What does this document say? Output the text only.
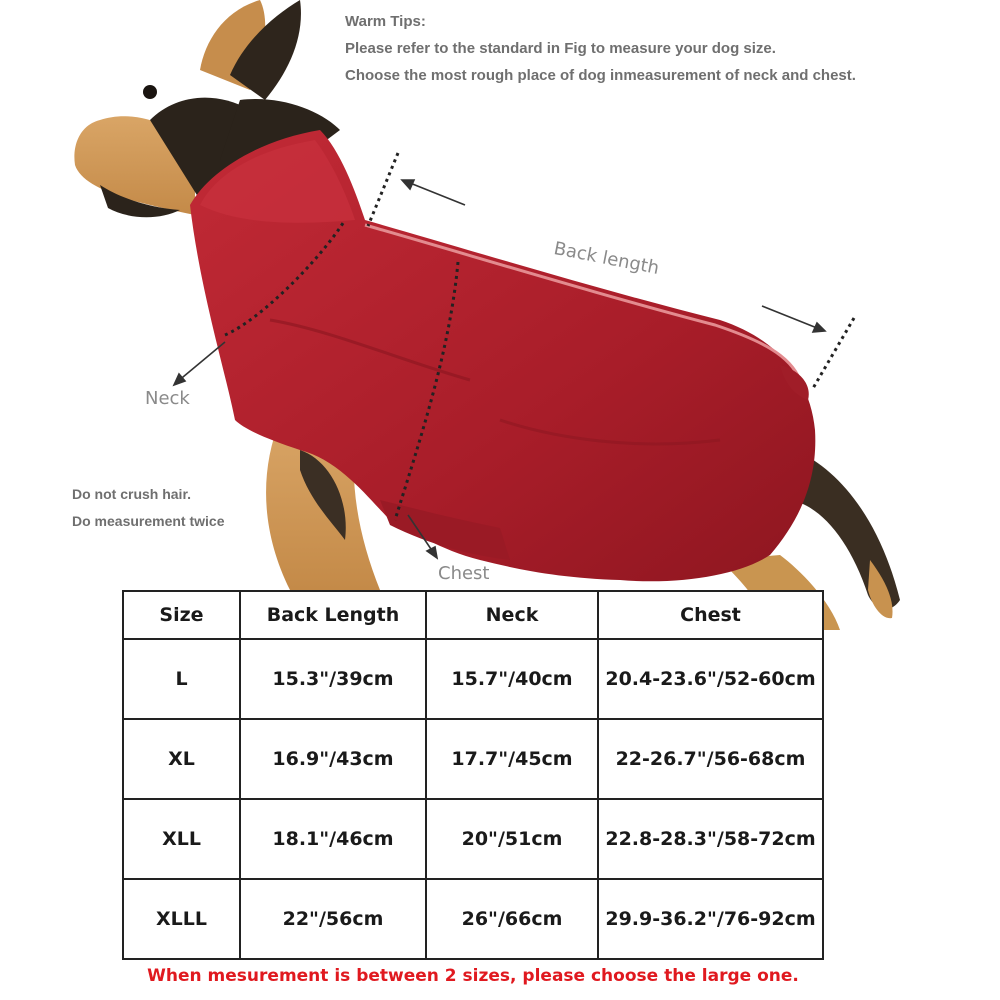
Warm Tips:
Please refer to the standard in Fig to measure your dog size.
Choose the most rough place of dog inmeasurement of neck and chest.
Back length
Neck
Chest
Do not crush hair.
Do measurement twice
Size	Back Length	Neck	Chest
L	15.3"/39cm	15.7"/40cm	20.4-23.6"/52-60cm
XL	16.9"/43cm	17.7"/45cm	22-26.7"/56-68cm
XLL	18.1"/46cm	20"/51cm	22.8-28.3"/58-72cm
XLLL	22"/56cm	26"/66cm	29.9-36.2"/76-92cm
When mesurement is between 2 sizes, please choose the large one.
